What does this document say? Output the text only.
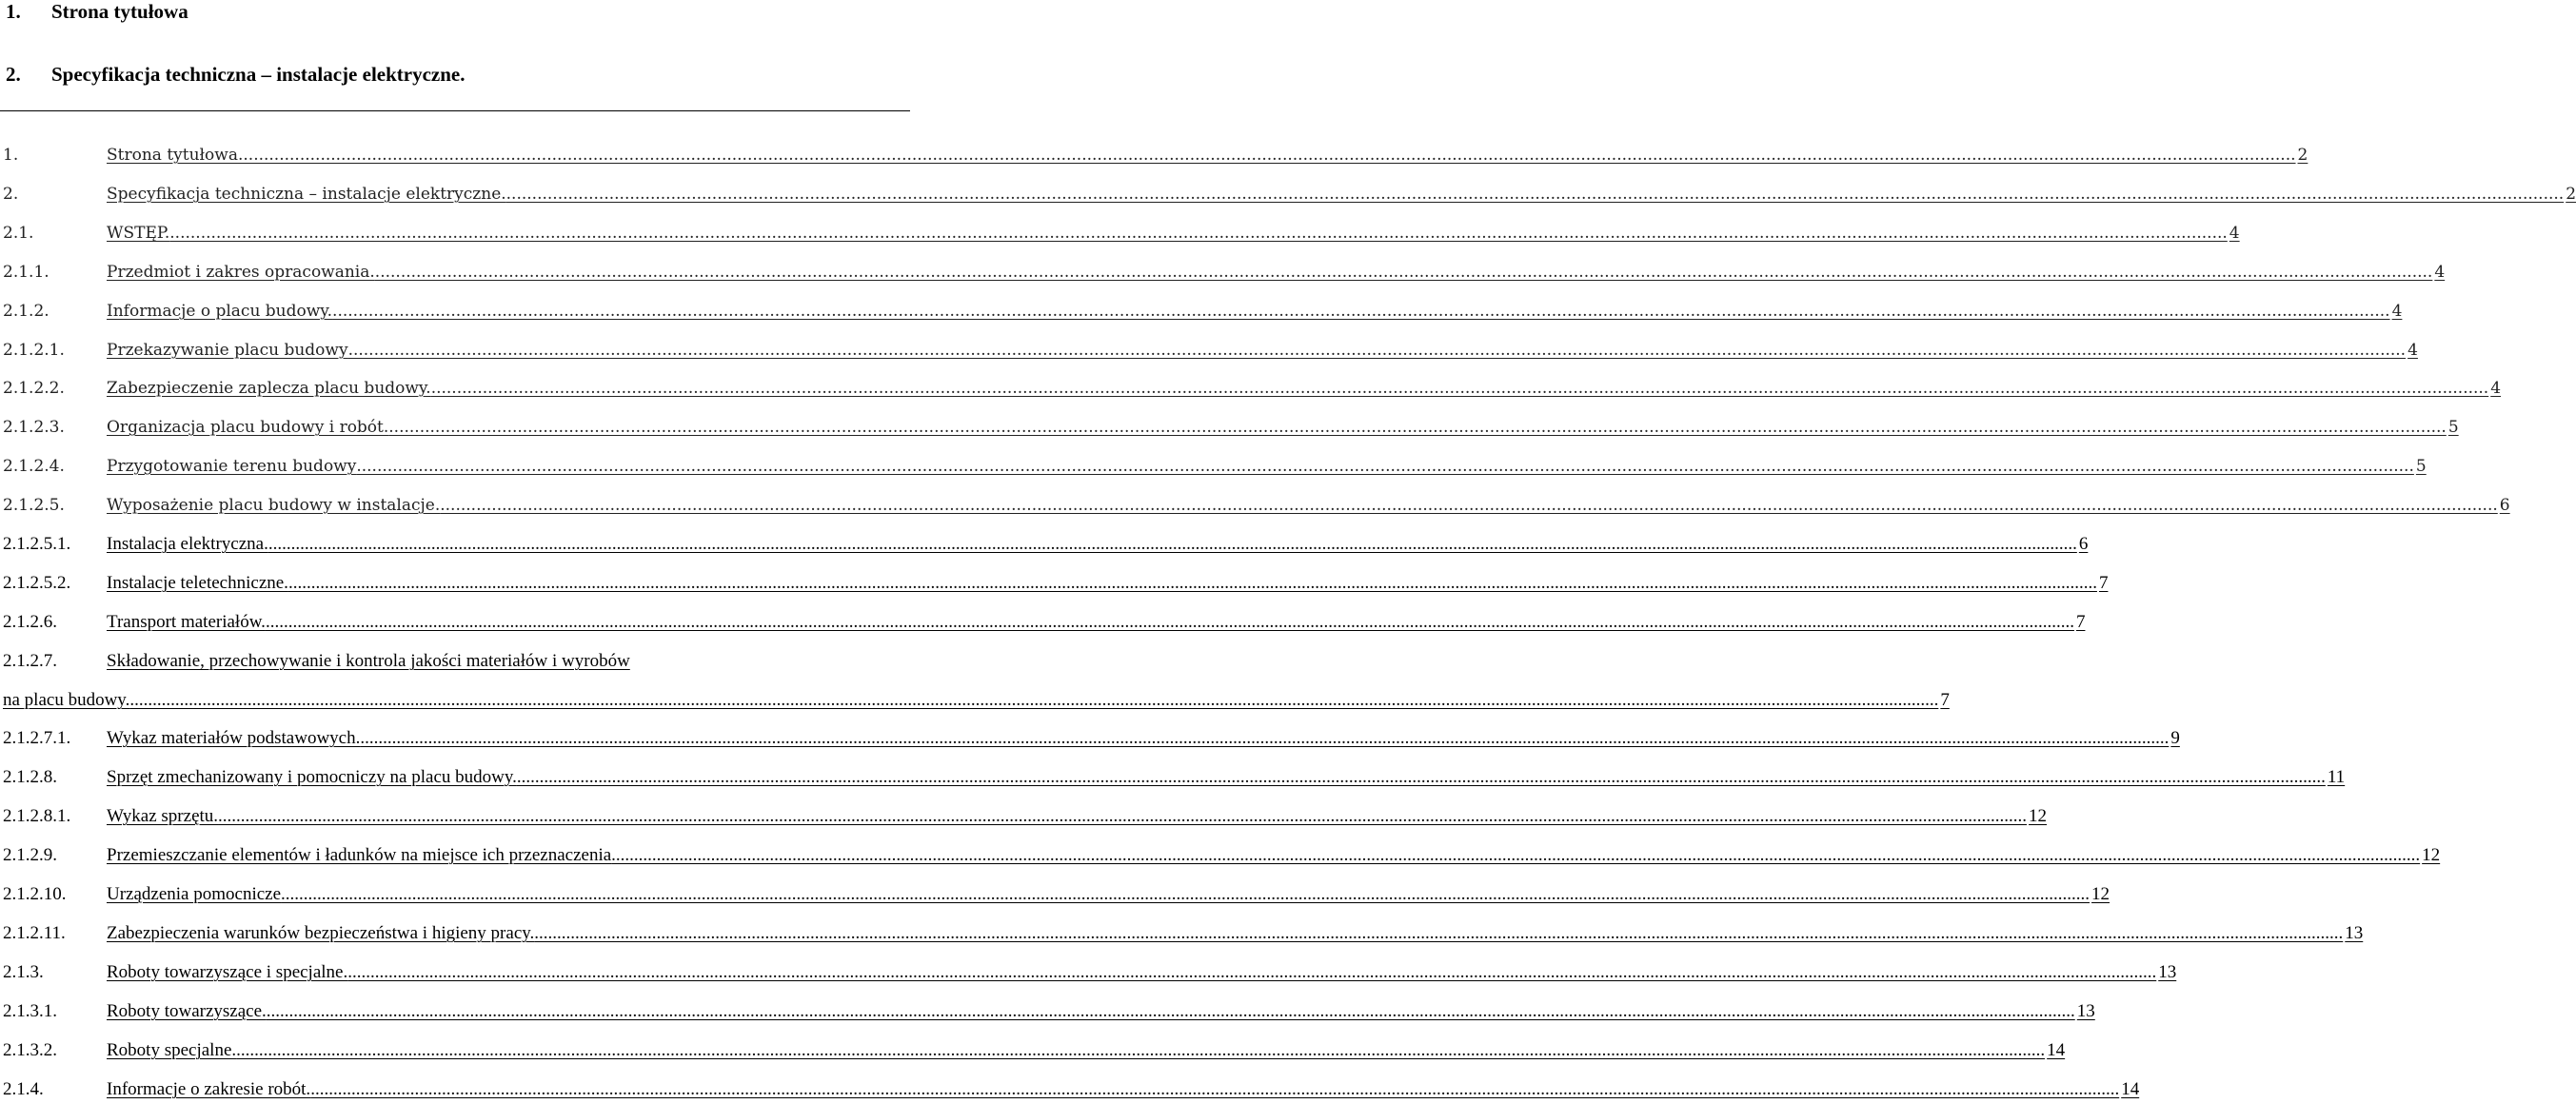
1. Strona tytułowa
2. Specyfikacja techniczna – instalacje elektryczne.
1.	Strona tytułowa ................................................................................................................................................................................................................................................................................................................................................................................................................ 2
2.	Specyfikacja techniczna – instalacje elektryczne. ................................................................................................................................................................................................................................................................................................................................................................................................................ 2
2.1.	WSTĘP. ................................................................................................................................................................................................................................................................................................................................................................................................................ 4
2.1.1.	Przedmiot i zakres opracowania. ................................................................................................................................................................................................................................................................................................................................................................................................................ 4
2.1.2.	Informacje o placu budowy. ................................................................................................................................................................................................................................................................................................................................................................................................................ 4
2.1.2.1.	Przekazywanie placu budowy ................................................................................................................................................................................................................................................................................................................................................................................................................ 4
2.1.2.2.	Zabezpieczenie zaplecza placu budowy. ................................................................................................................................................................................................................................................................................................................................................................................................................ 4
2.1.2.3.	Organizacja placu budowy i robót. ................................................................................................................................................................................................................................................................................................................................................................................................................ 5
2.1.2.4.	Przygotowanie terenu budowy ................................................................................................................................................................................................................................................................................................................................................................................................................ 5
2.1.2.5.	Wyposażenie placu budowy w instalacje. ................................................................................................................................................................................................................................................................................................................................................................................................................ 6
2.1.2.5.1. Instalacja elektryczna. ................................................................................................................................................................................................................................................................................................................................................................................................................ 6
2.1.2.5.2. Instalacje teletechniczne. ................................................................................................................................................................................................................................................................................................................................................................................................................ 7
2.1.2.6.	Transport materiałów. ................................................................................................................................................................................................................................................................................................................................................................................................................ 7
2.1.2.7.	Składowanie, przechowywanie i kontrola jakości materiałów i wyrobów
na placu budowy. ................................................................................................................................................................................................................................................................................................................................................................................................................ 7
2.1.2.7.1. Wykaz materiałów podstawowych. ................................................................................................................................................................................................................................................................................................................................................................................................................ 9
2.1.2.8.	Sprzęt zmechanizowany i pomocniczy na placu budowy. ................................................................................................................................................................................................................................................................................................................................................................................................................ 11
2.1.2.8.1. Wykaz sprzętu. ................................................................................................................................................................................................................................................................................................................................................................................................................ 12
2.1.2.9.	Przemieszczanie elementów i ładunków na miejsce ich przeznaczenia ................................................................................................................................................................................................................................................................................................................................................................................................................ 12
2.1.2.10. Urządzenia pomocnicze ................................................................................................................................................................................................................................................................................................................................................................................................................ 12
2.1.2.11. Zabezpieczenia warunków bezpieczeństwa i higieny pracy. ................................................................................................................................................................................................................................................................................................................................................................................................................ 13
2.1.3.	Roboty towarzyszące i specjalne. ................................................................................................................................................................................................................................................................................................................................................................................................................ 13
2.1.3.1.	Roboty towarzyszące. ................................................................................................................................................................................................................................................................................................................................................................................................................ 13
2.1.3.2.	Roboty specjalne. ................................................................................................................................................................................................................................................................................................................................................................................................................ 14
2.1.4.	Informacje o zakresie robót. ................................................................................................................................................................................................................................................................................................................................................................................................................ 14
